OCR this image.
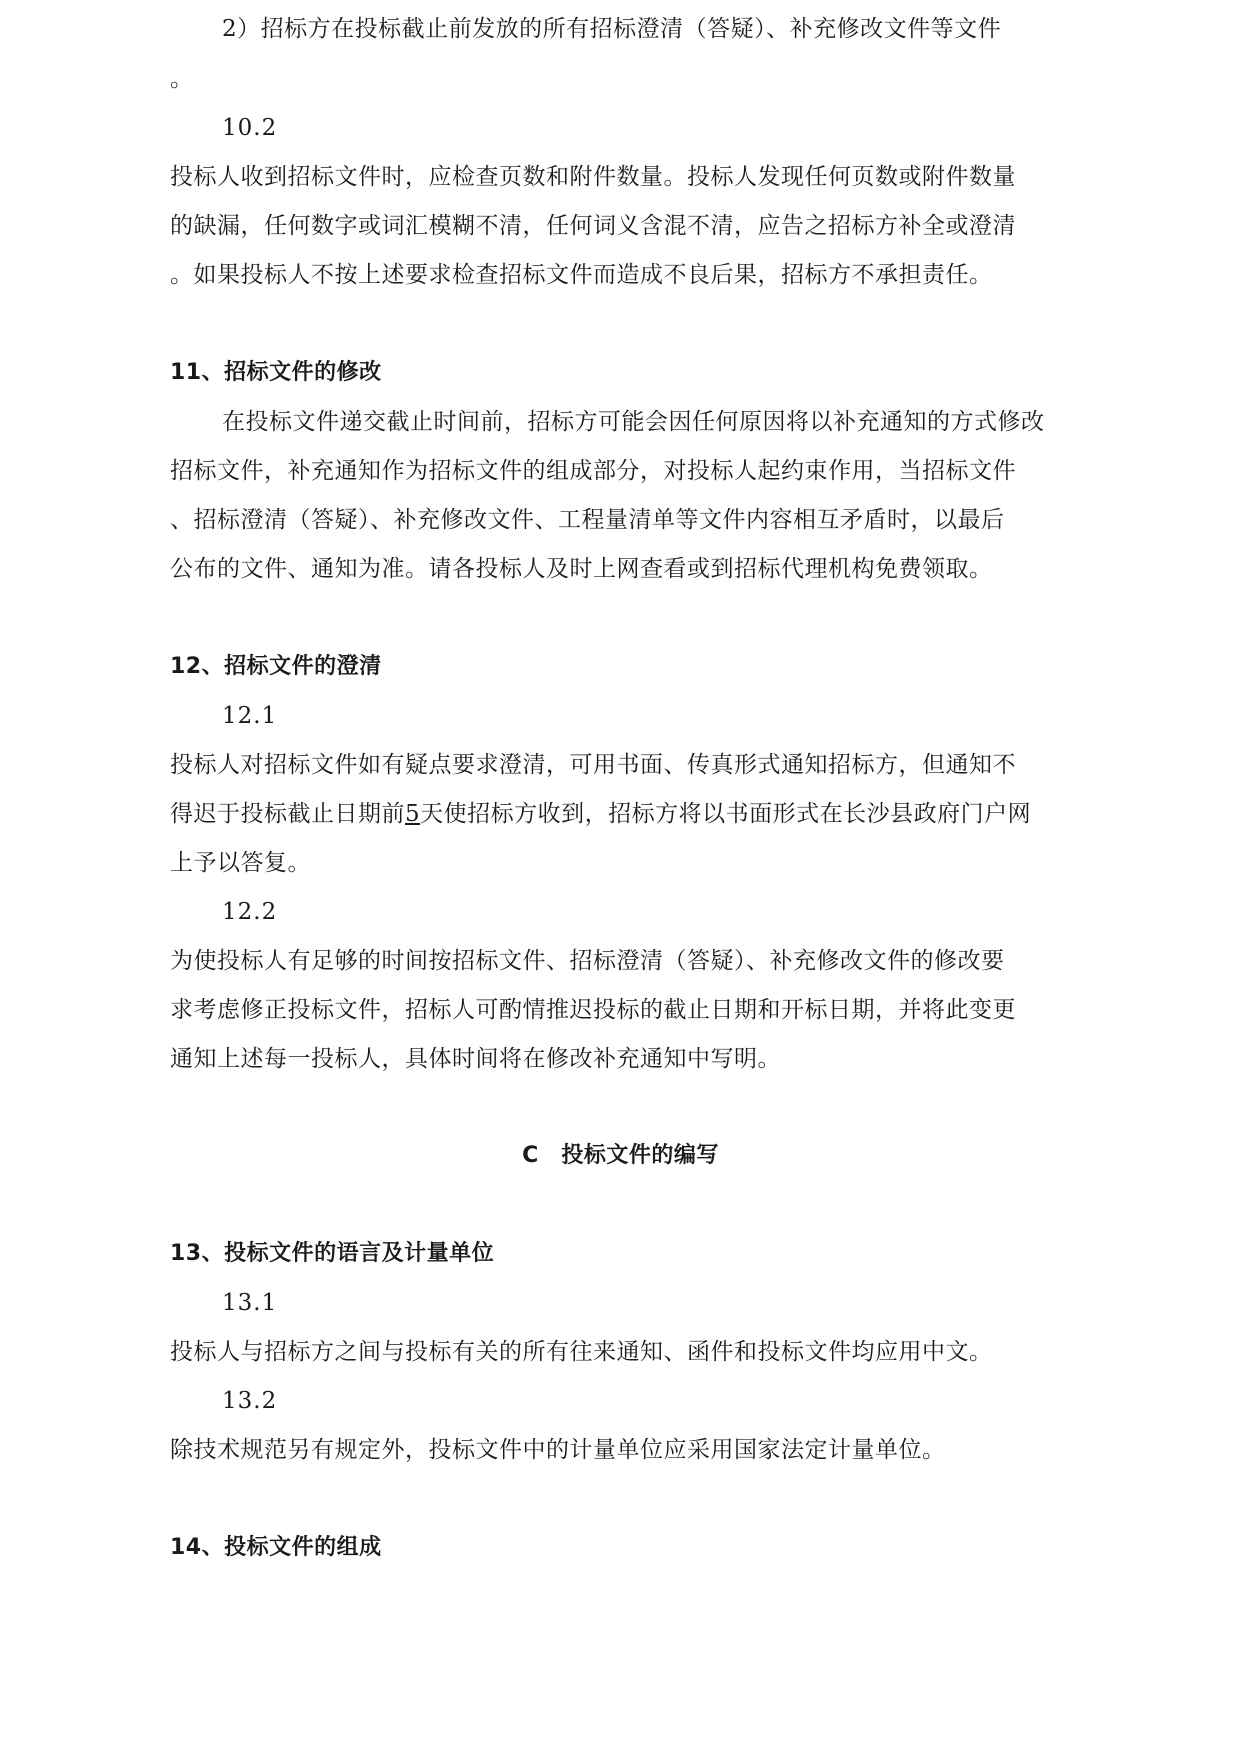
2）招标方在投标截止前发放的所有招标澄清（答疑）、补充修改文件等文件
。
10.2
投标人收到招标文件时，应检查页数和附件数量。投标人发现任何页数或附件数量
的缺漏，任何数字或词汇模糊不清，任何词义含混不清，应告之招标方补全或澄清
。如果投标人不按上述要求检查招标文件而造成不良后果，招标方不承担责任。
11、招标文件的修改
在投标文件递交截止时间前，招标方可能会因任何原因将以补充通知的方式修改
招标文件，补充通知作为招标文件的组成部分，对投标人起约束作用，当招标文件
、招标澄清（答疑）、补充修改文件、工程量清单等文件内容相互矛盾时，以最后
公布的文件、通知为准。请各投标人及时上网查看或到招标代理机构免费领取。
12、招标文件的澄清
12.1
投标人对招标文件如有疑点要求澄清，可用书面、传真形式通知招标方，但通知不
得迟于投标截止日期前5天使招标方收到，招标方将以书面形式在长沙县政府门户网
上予以答复。
12.2
为使投标人有足够的时间按招标文件、招标澄清（答疑）、补充修改文件的修改要
求考虑修正投标文件，招标人可酌情推迟投标的截止日期和开标日期，并将此变更
通知上述每一投标人，具体时间将在修改补充通知中写明。
C　投标文件的编写
13、投标文件的语言及计量单位
13.1
投标人与招标方之间与投标有关的所有往来通知、函件和投标文件均应用中文。
13.2
除技术规范另有规定外，投标文件中的计量单位应采用国家法定计量单位。
14、投标文件的组成
